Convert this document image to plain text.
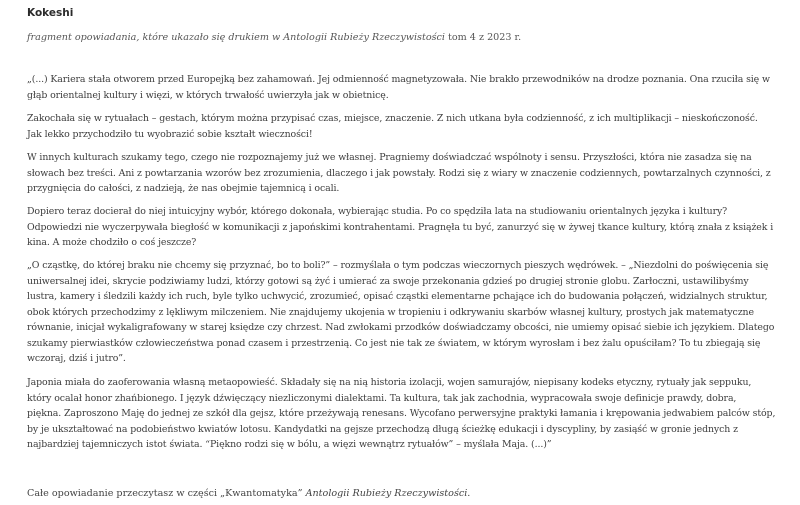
Kokeshi
fragment opowiadania, które ukazało się drukiem w Antologii Rubieży Rzeczywistości tom 4 z 2023 r.
„(...) Kariera stała otworem przed Europejką bez zahamowań. Jej odmienność magnetyzowała. Nie brakło przewodników na drodze poznania. Ona rzuciła się w
głąb orientalnej kultury i więzi, w których trwałość uwierzyła jak w obietnicę.
Zakochała się w rytuałach – gestach, którym można przypisać czas, miejsce, znaczenie. Z nich utkana była codzienność, z ich multiplikacji – nieskończoność.
Jak lekko przychodziło tu wyobrazić sobie kształt wieczności!
W innych kulturach szukamy tego, czego nie rozpoznajemy już we własnej. Pragniemy doświadczać wspólnoty i sensu. Przyszłości, która nie zasadza się na
słowach bez treści. Ani z powtarzania wzorów bez zrozumienia, dlaczego i jak powstały. Rodzi się z wiary w znaczenie codziennych, powtarzalnych czynności, z
przygnięcia do całości, z nadzieją, że nas obejmie tajemnicą i ocali.
Dopiero teraz docierał do niej intuicyjny wybór, którego dokonała, wybierając studia. Po co spędziła lata na studiowaniu orientalnych języka i kultury?
Odpowiedzi nie wyczerpywała biegłość w komunikacji z japońskimi kontrahentami. Pragnęła tu być, zanurzyć się w żywej tkance kultury, którą znała z książek i
kina. A może chodziło o coś jeszcze?
„O cząstkę, do której braku nie chcemy się przyznać, bo to boli?” – rozmyślała o tym podczas wieczornych pieszych wędrówek. – „Niezdolni do poświęcenia się
uniwersalnej idei, skrycie podziwiamy ludzi, którzy gotowi są żyć i umierać za swoje przekonania gdzieś po drugiej stronie globu. Zarłoczni, ustawilibyśmy
lustra, kamery i śledzili każdy ich ruch, byle tylko uchwycić, zrozumieć, opisać cząstki elementarne pchające ich do budowania połączeń, widzialnych struktur,
obok których przechodzimy z lękliwym milczeniem. Nie znajdujemy ukojenia w tropieniu i odkrywaniu skarbów własnej kultury, prostych jak matematyczne
równanie, inicjał wykaligrafowany w starej księdze czy chrzest. Nad zwłokami przodków doświadczamy obcości, nie umiemy opisać siebie ich językiem. Dlatego
szukamy pierwiastków człowieczeństwa ponad czasem i przestrzenią. Co jest nie tak ze światem, w którym wyrosłam i bez żalu opuściłam? To tu zbiegają się
wczoraj, dziś i jutro”.
Japonia miała do zaoferowania własną metaopowieść. Składały się na nią historia izolacji, wojen samurajów, niepisany kodeks etyczny, rytuały jak seppuku,
który ocalał honor zhańbionego. I język dźwięczący niezliczonymi dialektami. Ta kultura, tak jak zachodnia, wypracowała swoje definicje prawdy, dobra,
piękna. Zaproszono Maję do jednej ze szkół dla gejsz, które przeżywają renesans. Wycofano perwersyjne praktyki łamania i krępowania jedwabiem palców stóp,
by je ukształtować na podobieństwo kwiatów lotosu. Kandydatki na gejsze przechodzą długą ścieżkę edukacji i dyscypliny, by zasiąść w gronie jednych z
najbardziej tajemniczych istot świata. “Piękno rodzi się w bólu, a więzi wewnątrz rytuałów” – myślała Maja. (...)”
Całe opowiadanie przeczytasz w części „Kwantomatyka” Antologii Rubieży Rzeczywistości.
